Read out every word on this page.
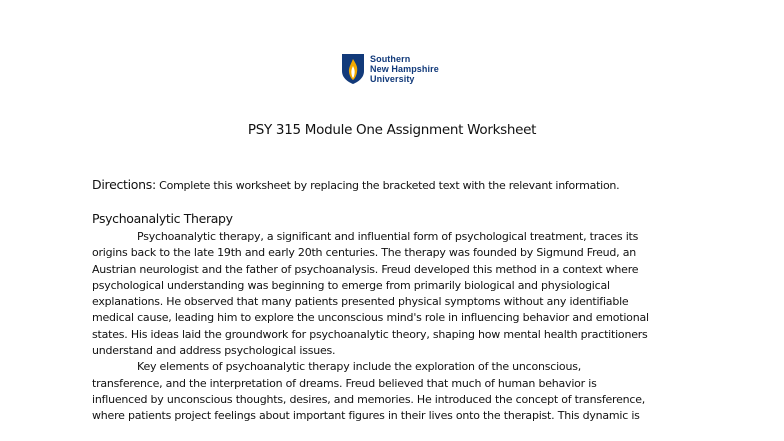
Southern
New Hampshire
University
PSY 315 Module One Assignment Worksheet
Directions: Complete this worksheet by replacing the bracketed text with the relevant information.
Psychoanalytic Therapy
Psychoanalytic therapy, a significant and influential form of psychological treatment, traces its
origins back to the late 19th and early 20th centuries. The therapy was founded by Sigmund Freud, an
Austrian neurologist and the father of psychoanalysis. Freud developed this method in a context where
psychological understanding was beginning to emerge from primarily biological and physiological
explanations. He observed that many patients presented physical symptoms without any identifiable
medical cause, leading him to explore the unconscious mind's role in influencing behavior and emotional
states. His ideas laid the groundwork for psychoanalytic theory, shaping how mental health practitioners
understand and address psychological issues.
Key elements of psychoanalytic therapy include the exploration of the unconscious,
transference, and the interpretation of dreams. Freud believed that much of human behavior is
influenced by unconscious thoughts, desires, and memories. He introduced the concept of transference,
where patients project feelings about important figures in their lives onto the therapist. This dynamic is
